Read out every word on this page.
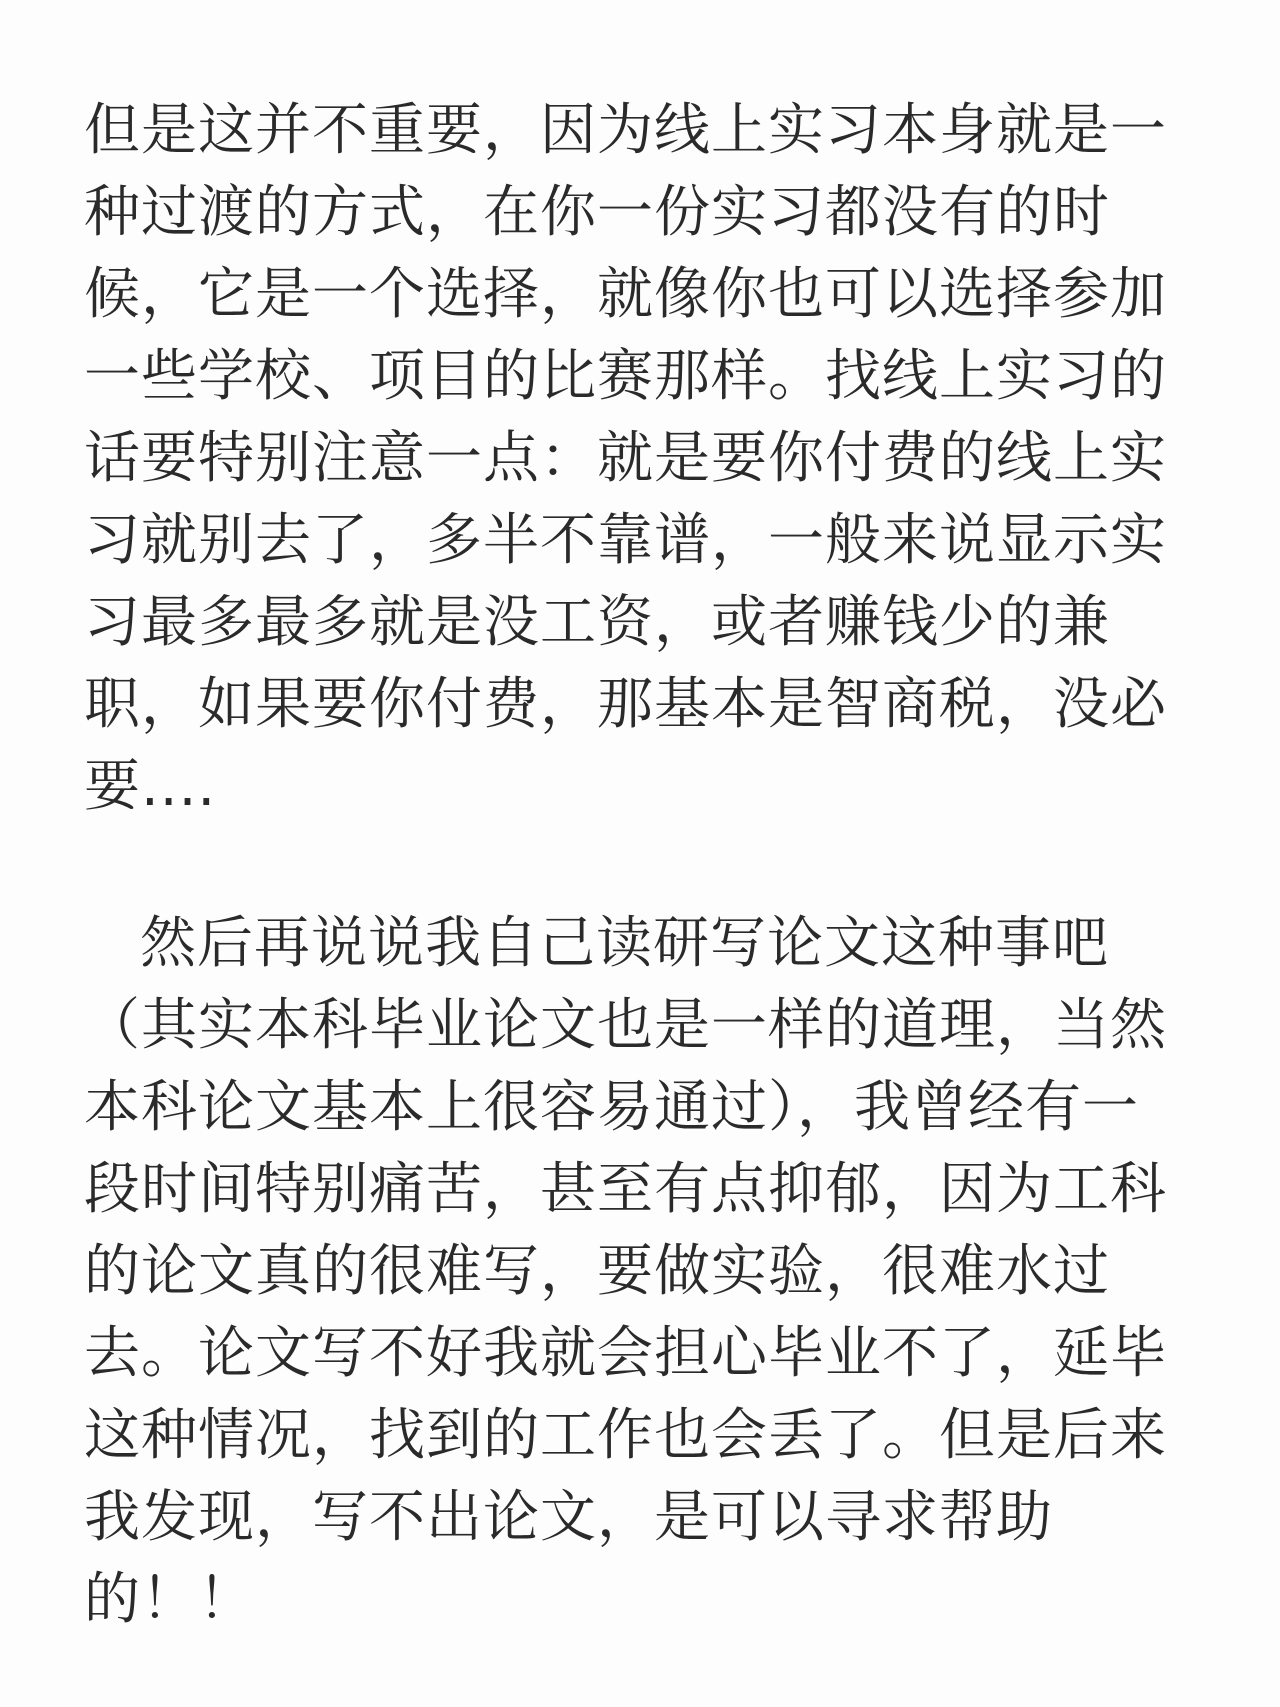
但是这并不重要，因为线上实习本身就是一
种过渡的方式，在你一份实习都没有的时
候，它是一个选择，就像你也可以选择参加
一些学校、项目的比赛那样。找线上实习的
话要特别注意一点：就是要你付费的线上实
习就别去了，多半不靠谱，一般来说显示实
习最多最多就是没工资，或者赚钱少的兼
职，如果要你付费，那基本是智商税，没必
要....
然后再说说我自己读研写论文这种事吧
（其实本科毕业论文也是一样的道理，当然
本科论文基本上很容易通过），我曾经有一
段时间特别痛苦，甚至有点抑郁，因为工科
的论文真的很难写，要做实验，很难水过
去。论文写不好我就会担心毕业不了，延毕
这种情况，找到的工作也会丢了。但是后来
我发现，写不出论文，是可以寻求帮助
的！！
